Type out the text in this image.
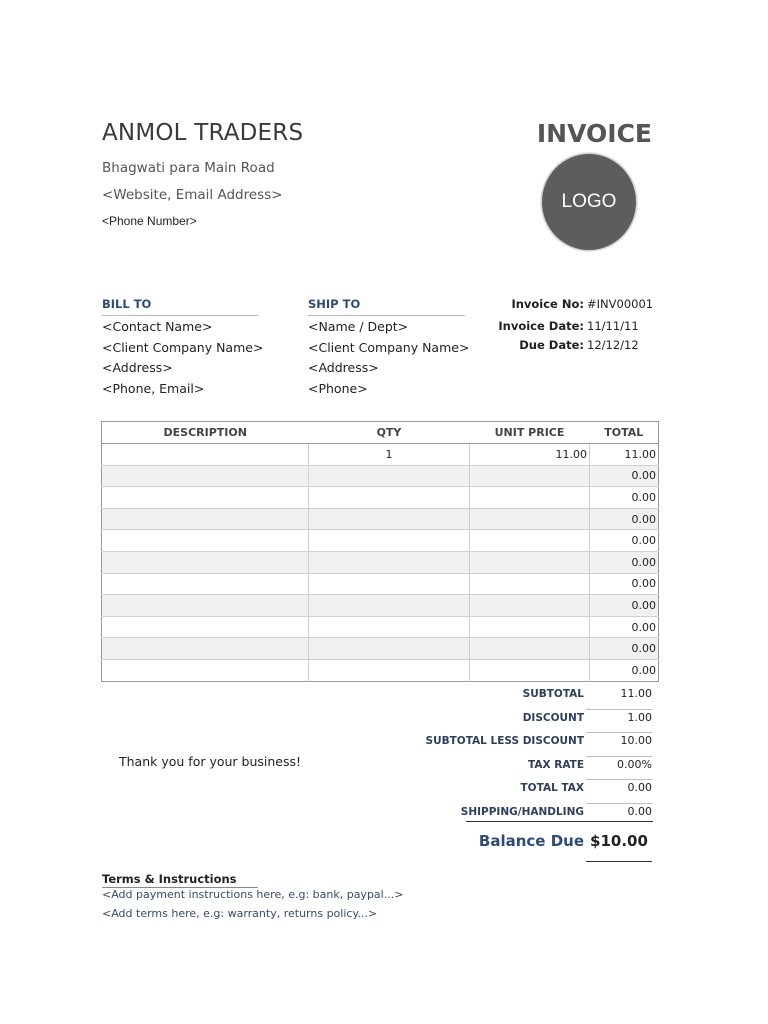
ANMOL TRADERS
Bhagwati para Main Road
<Website, Email Address>
<Phone Number>
INVOICE
LOGO
BILL TO
<Contact Name>
<Client Company Name>
<Address>
<Phone, Email>
SHIP TO
<Name / Dept>
<Client Company Name>
<Address>
<Phone>
Invoice No: #INV00001
Invoice Date: 11/11/11
Due Date: 12/12/12
DESCRIPTION	QTY	UNIT PRICE	TOTAL
	1	11.00	11.00
			0.00
			0.00
			0.00
			0.00
			0.00
			0.00
			0.00
			0.00
			0.00
			0.00
SUBTOTAL	11.00
DISCOUNT	1.00
SUBTOTAL LESS DISCOUNT	10.00
TAX RATE	0.00%
TOTAL TAX	0.00
SHIPPING/HANDLING	0.00
Thank you for your business!
Balance Due $10.00
Terms & Instructions
<Add payment instructions here, e.g: bank, paypal...>
<Add terms here, e.g: warranty, returns policy...>
